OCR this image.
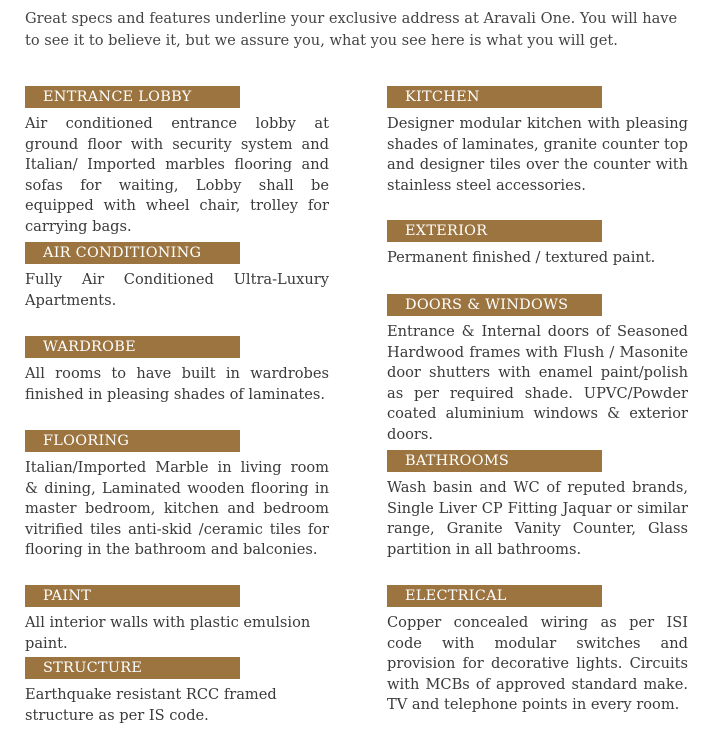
Great specs and features underline your exclusive address at Aravali One. You will have to see it to believe it, but we assure you, what you see here is what you will get.
ENTRANCE LOBBY
Air conditioned entrance lobby at ground floor with security system and Italian/ Imported marbles flooring and sofas for waiting, Lobby shall be equipped with wheel chair, trolley for carrying bags.
AIR CONDITIONING
Fully Air Conditioned Ultra-Luxury Apartments.
WARDROBE
All rooms to have built in wardrobes finished in pleasing shades of laminates.
FLOORING
Italian/Imported Marble in living room & dining, Laminated wooden flooring in master bedroom, kitchen and bedroom vitrified tiles anti-skid /ceramic tiles for flooring in the bathroom and balconies.
PAINT
All interior walls with plastic emulsion paint.
STRUCTURE
Earthquake resistant RCC framed structure as per IS code.
KITCHEN
Designer modular kitchen with pleasing shades of laminates, granite counter top and designer tiles over the counter with stainless steel accessories.
EXTERIOR
Permanent finished / textured paint.
DOORS & WINDOWS
Entrance & Internal doors of Seasoned Hardwood frames with Flush / Masonite door shutters with enamel paint/polish as per required shade. UPVC/Powder coated aluminium windows & exterior doors.
BATHROOMS
Wash basin and WC of reputed brands, Single Liver CP Fitting Jaquar or similar range, Granite Vanity Counter, Glass partition in all bathrooms.
ELECTRICAL
Copper concealed wiring as per ISI code with modular switches and provision for decorative lights. Circuits with MCBs of approved standard make. TV and telephone points in every room.
